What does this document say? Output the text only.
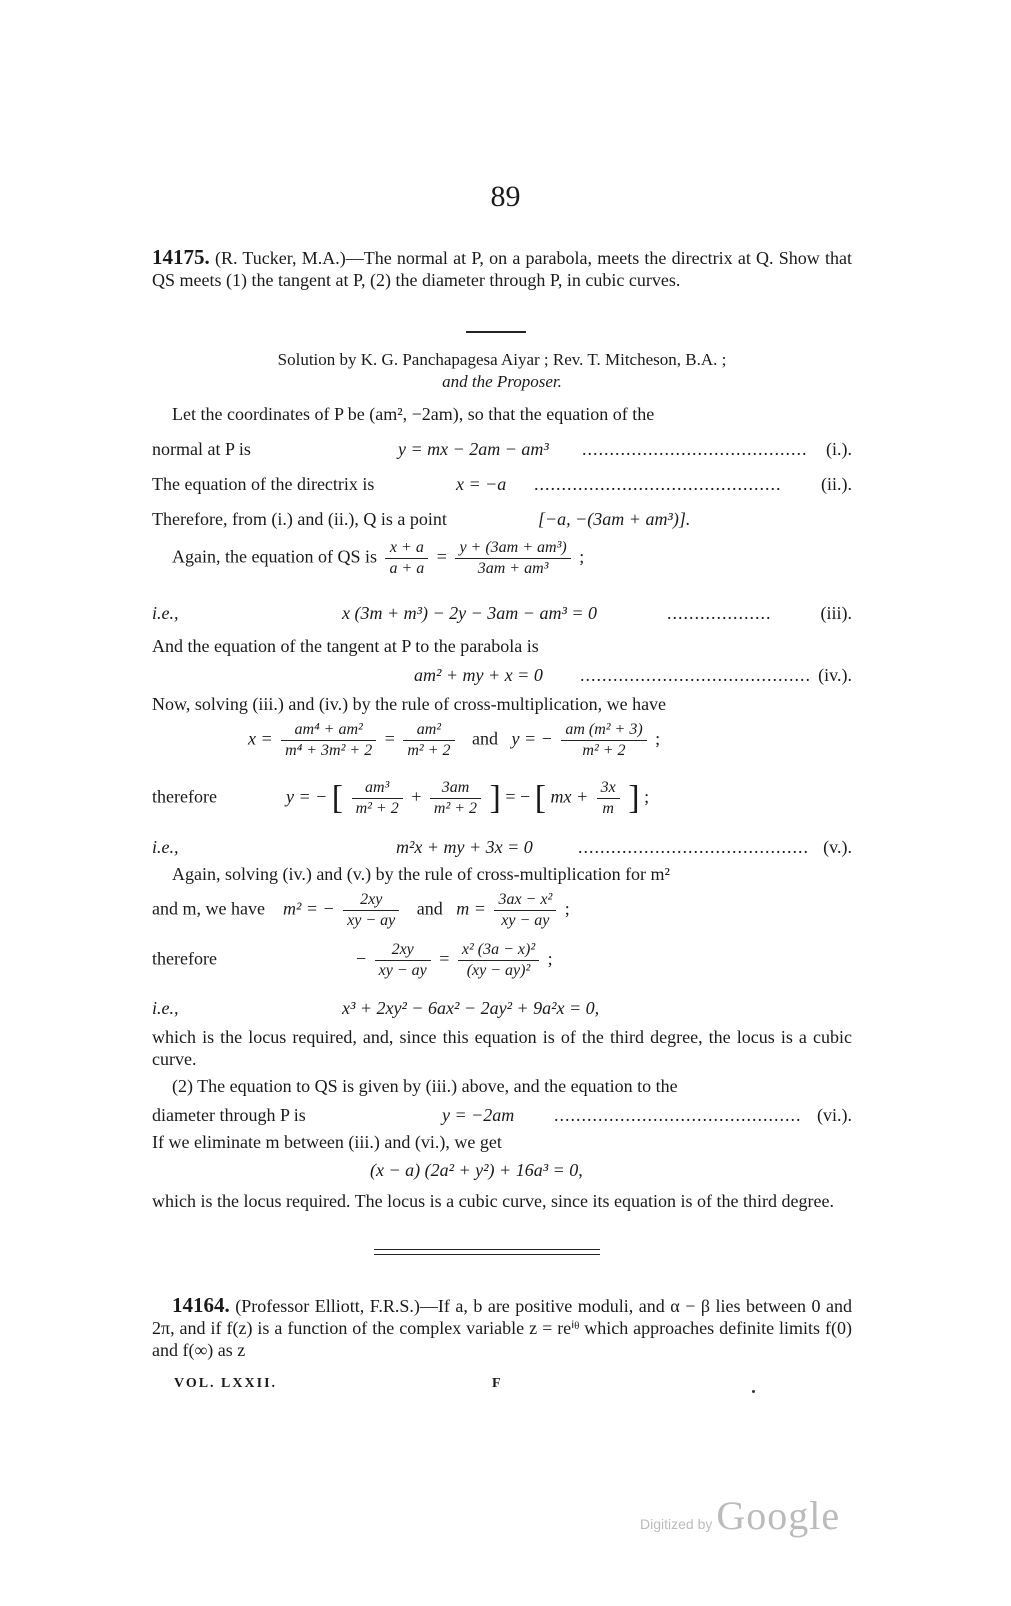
89
14175. (R. Tucker, M.A.)—The normal at P, on a parabola, meets the directrix at Q. Show that QS meets (1) the tangent at P, (2) the diameter through P, in cubic curves.
Solution by K. G. Panchapagesa Aiyar ; Rev. T. Mitcheson, B.A. ;
and the Proposer.
Let the coordinates of P be (am², −2am), so that the equation of the
normal at P is	y = mx − 2am − am³ ......................................... (i.).
The equation of the directrix is	x = −a ............................................. (ii.).
Therefore, from (i.) and (ii.), Q is a point	[−a, −(3am + am³)].
Again, the equation of QS is $\frac{x + a}{a + a} = \frac{\text{y + (3am + am³)}}{\text{3am + am³}}$ ;
i.e.,	x (3m + m³) − 2y − 3am − am³ = 0	...................	(iii).
And the equation of the tangent at P to the parabola is
am² + my + x = 0 .......................................... (iv.).
Now, solving (iii.) and (iv.) by the rule of cross-multiplication, we have
$x = \frac{\text{am⁴ + am²}}{\text{m⁴ + 3m² + 2}} = \frac{\text{am²}}{\text{m² + 2}}$ and y = − $\frac{\text{am (m² + 3)}}{\text{m² + 2}}$ ;
therefore	y = − [ $\frac{\text{am³}}{\text{m² + 2}} + \frac{3am}{\text{m² + 2}}$ ] = − [ mx + $\frac{3x}{m}$ ] ;
i.e.,	m²x + my + 3x = 0	.......................................... (v.).
Again, solving (iv.) and (v.) by the rule of cross-multiplication for m²
and m, we have m² = − $\frac{2xy}{xy - ay}$ and $m = \frac{\text{3ax − x²}}{xy - ay}$ ;
therefore	− $\frac{2xy}{xy - ay} = \frac{\text{x² (3a − x)²}}{\text{(xy − ay)²}}$ ;
i.e.,	x³ + 2xy² − 6ax² − 2ay² + 9a²x = 0,
which is the locus required, and, since this equation is of the third degree, the locus is a cubic curve.
(2) The equation to QS is given by (iii.) above, and the equation to the
diameter through P is	y = −2am ............................................. (vi.).
If we eliminate m between (iii.) and (vi.), we get
(x − a) (2a² + y²) + 16a³ = 0,
which is the locus required. The locus is a cubic curve, since its equation is of the third degree.
14164. (Professor Elliott, F.R.S.)—If a, b are positive moduli, and α − β lies between 0 and 2π, and if f(z) is a function of the complex variable z = reⁱᶿ which approaches definite limits f(0) and f(∞) as z
VOL. LXXII.	F
Digitized by Google
